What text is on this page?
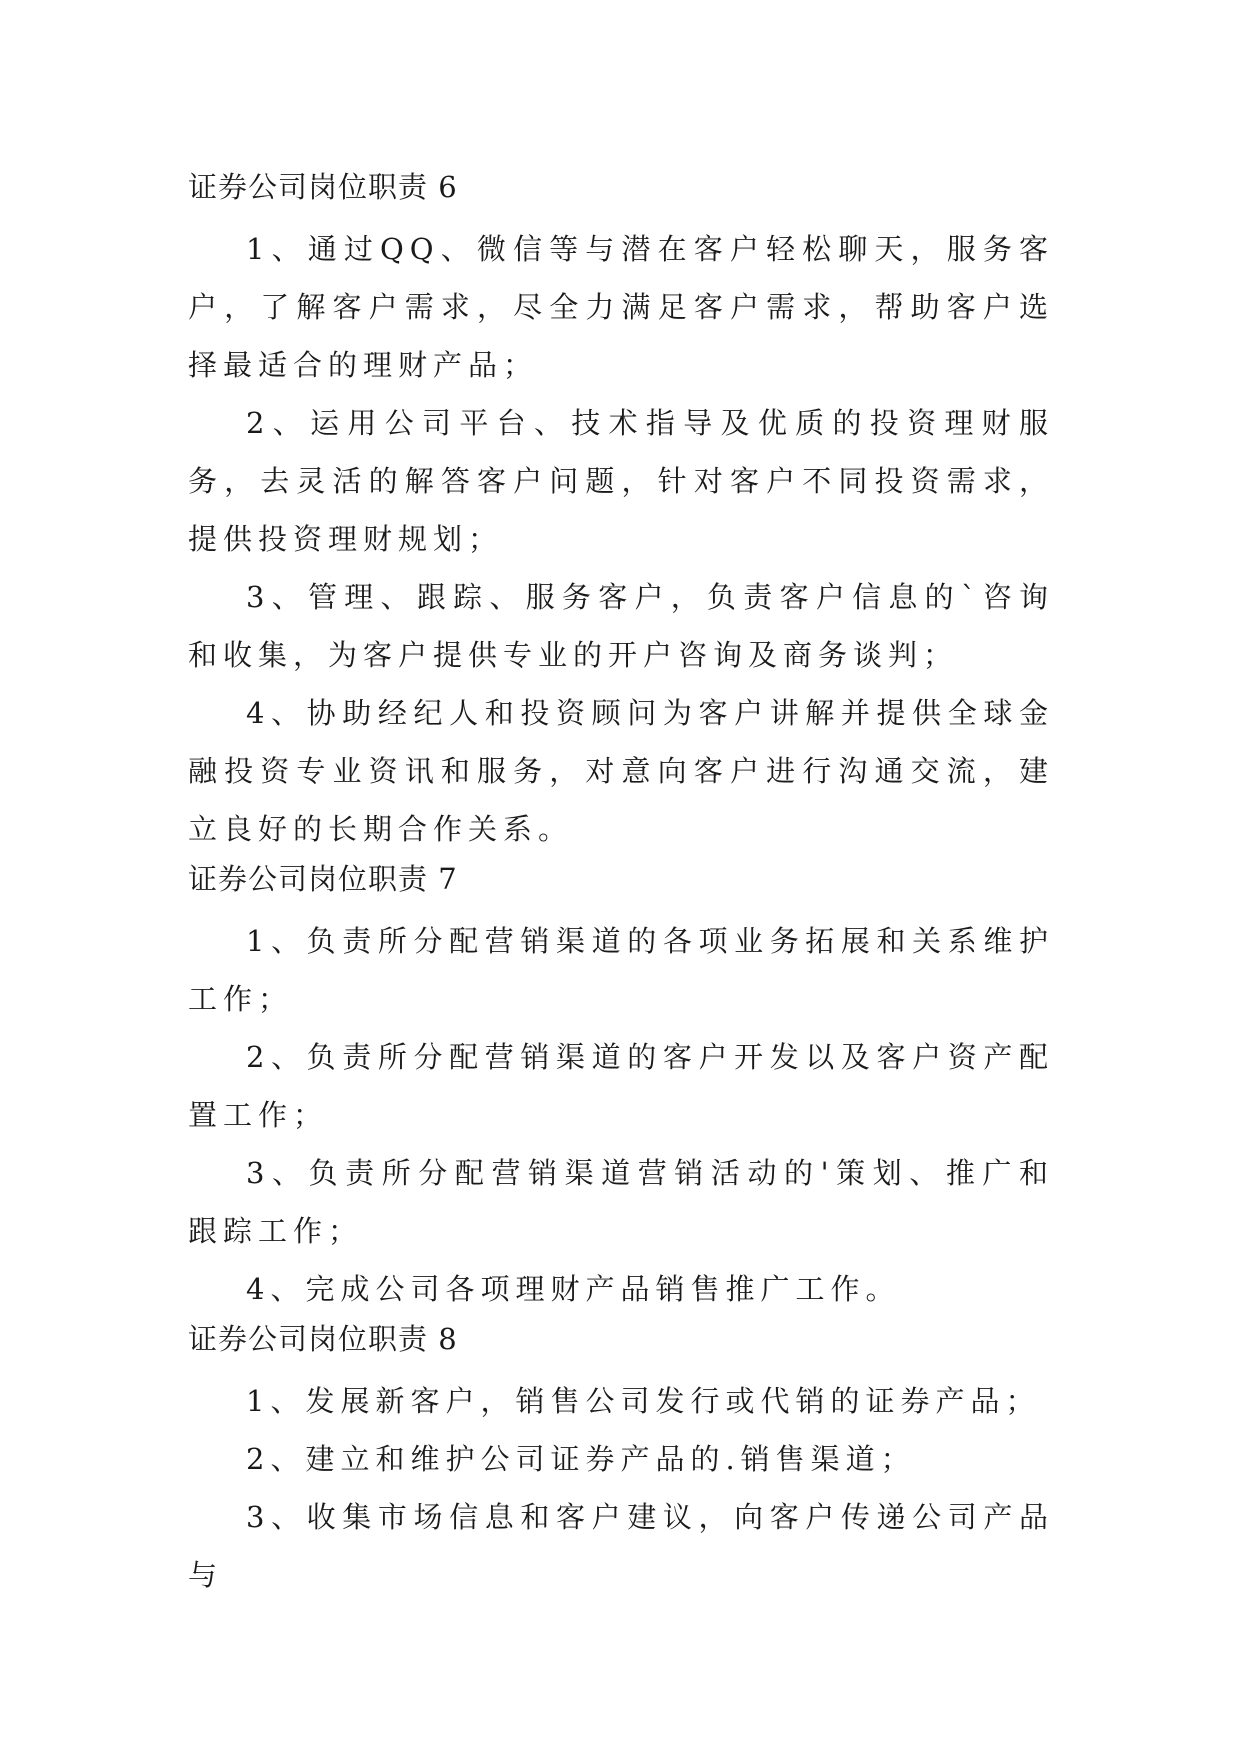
证券公司岗位职责 6

1、通过QQ、微信等与潜在客户轻松聊天，服务客户，了解客户需求，尽全力满足客户需求，帮助客户选择最适合的理财产品；

2、运用公司平台、技术指导及优质的投资理财服务，去灵活的解答客户问题，针对客户不同投资需求，提供投资理财规划；

3、管理、跟踪、服务客户，负责客户信息的`咨询和收集，为客户提供专业的开户咨询及商务谈判；

4、协助经纪人和投资顾问为客户讲解并提供全球金融投资专业资讯和服务，对意向客户进行沟通交流，建立良好的长期合作关系。

证券公司岗位职责 7

1、负责所分配营销渠道的各项业务拓展和关系维护工作；

2、负责所分配营销渠道的客户开发以及客户资产配置工作；

3、负责所分配营销渠道营销活动的'策划、推广和跟踪工作；

4、完成公司各项理财产品销售推广工作。

证券公司岗位职责 8

1、发展新客户，销售公司发行或代销的证券产品；

2、建立和维护公司证券产品的.销售渠道；

3、收集市场信息和客户建议，向客户传递公司产品与
